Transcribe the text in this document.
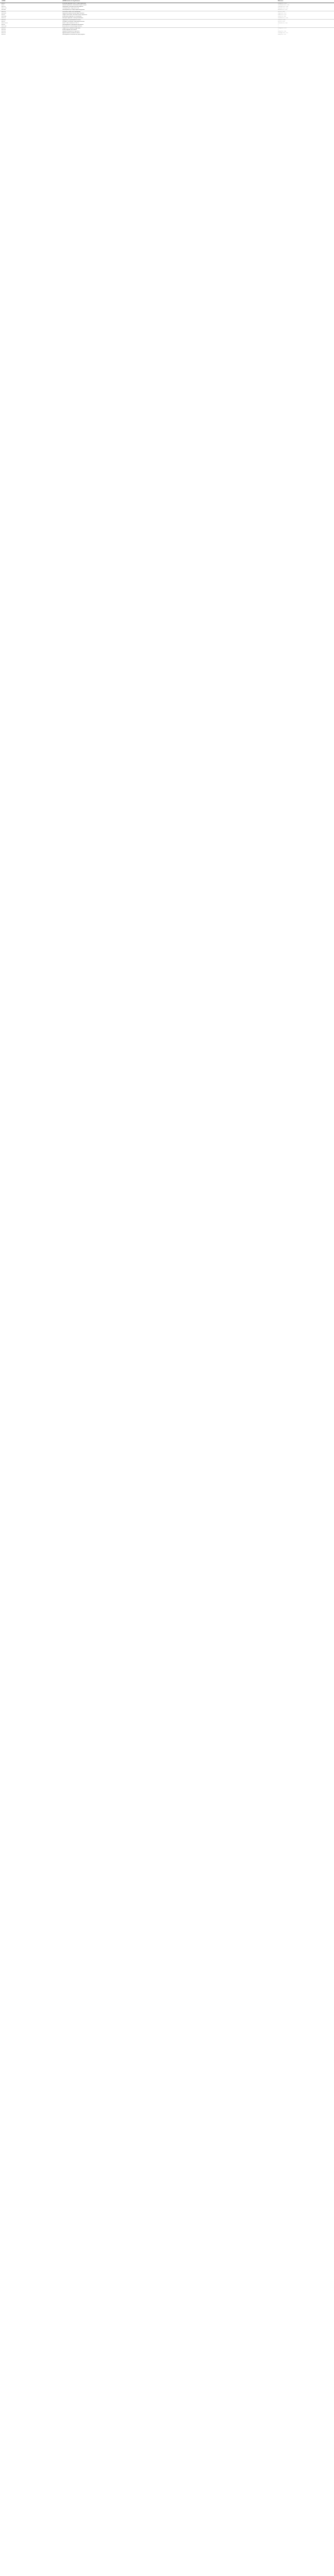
miRNA	miRNA function in lung diseases	Reference
miR-21	Increased expression; NSCLC tumor suppression	Zhang et al., 2014
let-7a	Reduced expression; associated with poor survival	Takamizawa et al., 2004
miR-155	Upregulated; correlated with poor prognosis	Yanaihara et al., 2006
miR-17-92	Overexpressed in lung cancer cells	Hayashita et al., 2005
miR-34a	Downregulated; p53 target suppressing growth	Bommer et al., 2007
miR-126	Decreased; inhibits VEGF-A signaling	Liu et al., 2009
miR-200c	Suppresses epithelial-mesenchymal transition	Ceppi et al., 2010
miR-29	Targets DNMT3A/3B; reactivates tumor suppressors	Fabbri et al., 2007
miR-146a	Inflammation regulation; NF-κB pathway	Perry et al., 2008
miR-223	Neutrophil regulation in airway inflammation	Johnnidis et al., 2008
miR-145	Suppresses cell proliferation via EGFR	Cho et al., 2009
miR-31	Oncogenic; increased in lung adenocarcinoma	Liu et al., 2010
miR-221/222	Induce TRAIL resistance in NSCLC	Garofalo et al., 2009
miR-16	Downregulated in inflammatory lung disease	—
miR-125b	Associated with chemotherapy resistance	—
miR-101	Targets EZH2; reduced in lung cancer	Zhang et al., 2011
miR-143	Inhibits migration and invasion	—
miR-183	Regulates metastasis in lung cancer	Wang et al., 2008
miR-210	Hypoxia-induced; elevated in tumors	Puissegur et al., 2011
miR-451	Downregulated; associated with poor prognosis	Wang et al., 2011
